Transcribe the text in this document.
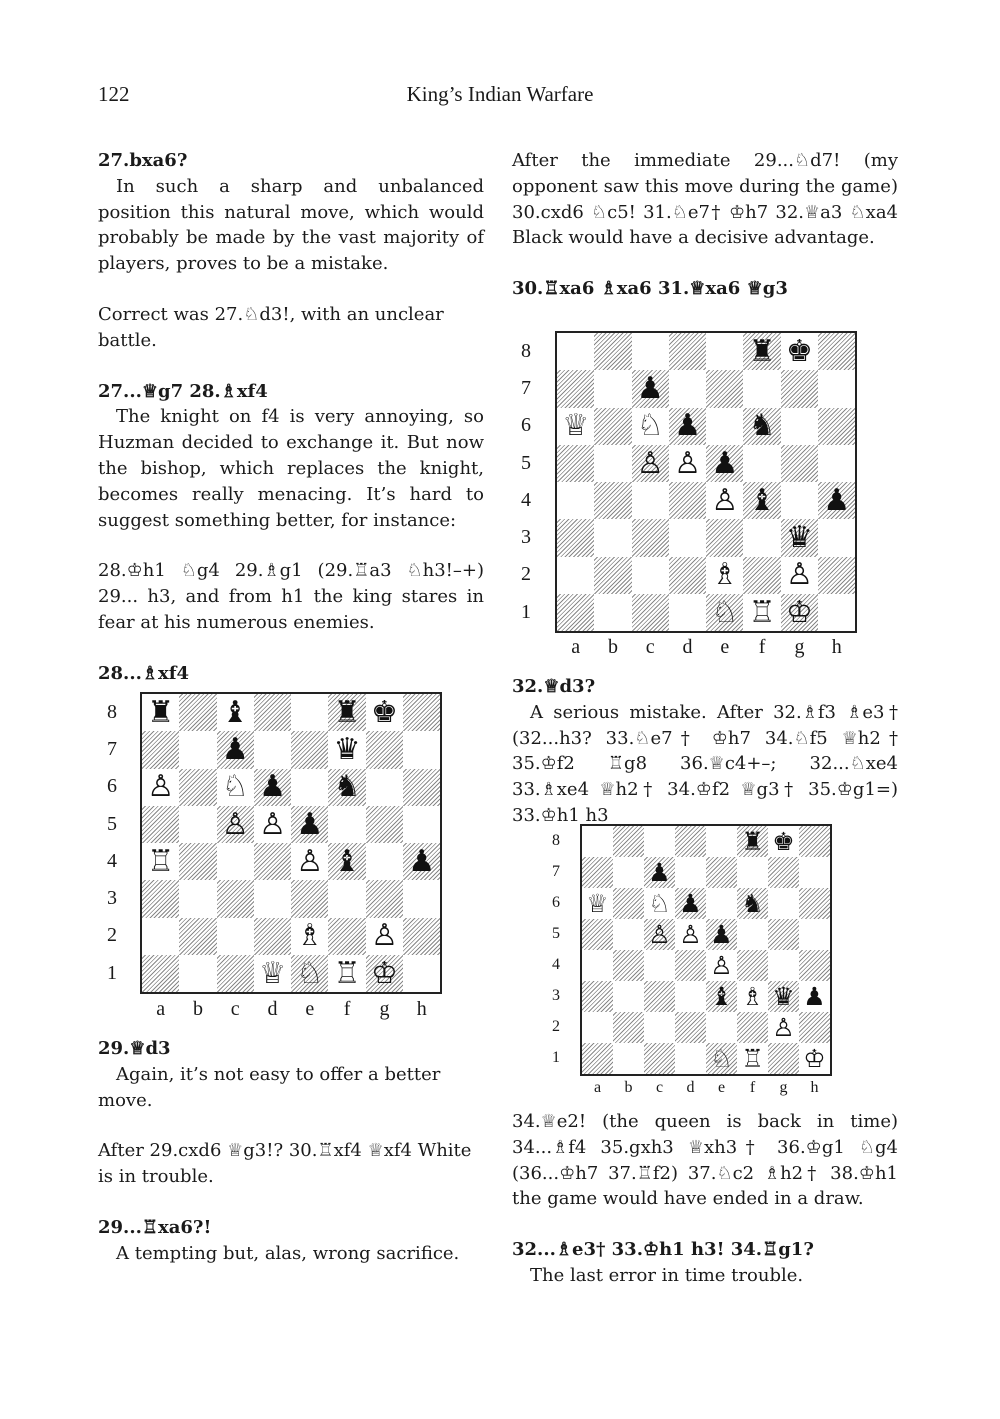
122	King’s Indian Warfare

27.bxa6?

In such a sharp and unbalanced position this natural move, which would probably be made by the vast majority of players, proves to be a mistake.

Correct was 27.♘d3!, with an unclear battle.

27...♕g7 28.♗xf4

The knight on f4 is very annoying, so Huzman decided to exchange it. But now the bishop, which replaces the knight, becomes really menacing. It’s hard to suggest something better, for instance:

28.♔h1 ♘g4 29.♗g1 (29.♖a3 ♘h3!–+) 29... h3, and from h1 the king stares in fear at his numerous enemies.

28...♗xf4

29.♕d3

Again, it’s not easy to offer a better move.

After 29.cxd6 ♕g3!? 30.♖xf4 ♕xf4 White is in trouble.

29...♖xa6?!

A tempting but, alas, wrong sacrifice.

After the immediate 29...♘d7! (my opponent saw this move during the game) 30.cxd6 ♘c5! 31.♘e7† ♔h7 32.♕a3 ♘xa4 Black would have a decisive advantage.

30.♖xa6 ♗xa6 31.♕xa6 ♕g3

32.♕d3?

A serious mistake. After 32.♗f3 ♗e3† (32...h3? 33.♘e7† ♔h7 34.♘f5 ♕h2† 35.♔f2 ♖g8 36.♕c4+–; 32...♘xe4 33.♗xe4 ♕h2† 34.♔f2 ♕g3† 35.♔g1=) 33.♔h1 h3

34.♕e2! (the queen is back in time) 34...♗f4 35.gxh3 ♕xh3† 36.♔g1 ♘g4 (36...♔h7 37.♖f2) 37.♘c2 ♗h2† 38.♔h1 the game would have ended in a draw.

32...♗e3† 33.♔h1 h3! 34.♖g1?

The last error in time trouble.

♜ ♝	♜ ♚
♟	♛
♙ ♘ ♟ ♞
♙ ♙ ♟
♖	♙ ♝ ♟
♗ ♙
♕ ♘ ♖ ♔
8
7
6
5
4
3
2
1
a b c d e	f	g h
♜ ♚
♟
♕ ♘ ♟ ♞
♙ ♙ ♟
♙ ♝ ♟
♛
♗ ♙
♘ ♖ ♔
8
7
6
5
4
3
2
1
a b c d e	f	g h
♜ ♚
♟
♕ ♘ ♟ ♞
♙ ♙ ♟
♙
♝ ♗ ♛ ♟
♙
♘ ♖ ♔
8
7
6
5
4
3
2
1
a	b	c	d	e	f	g	h
